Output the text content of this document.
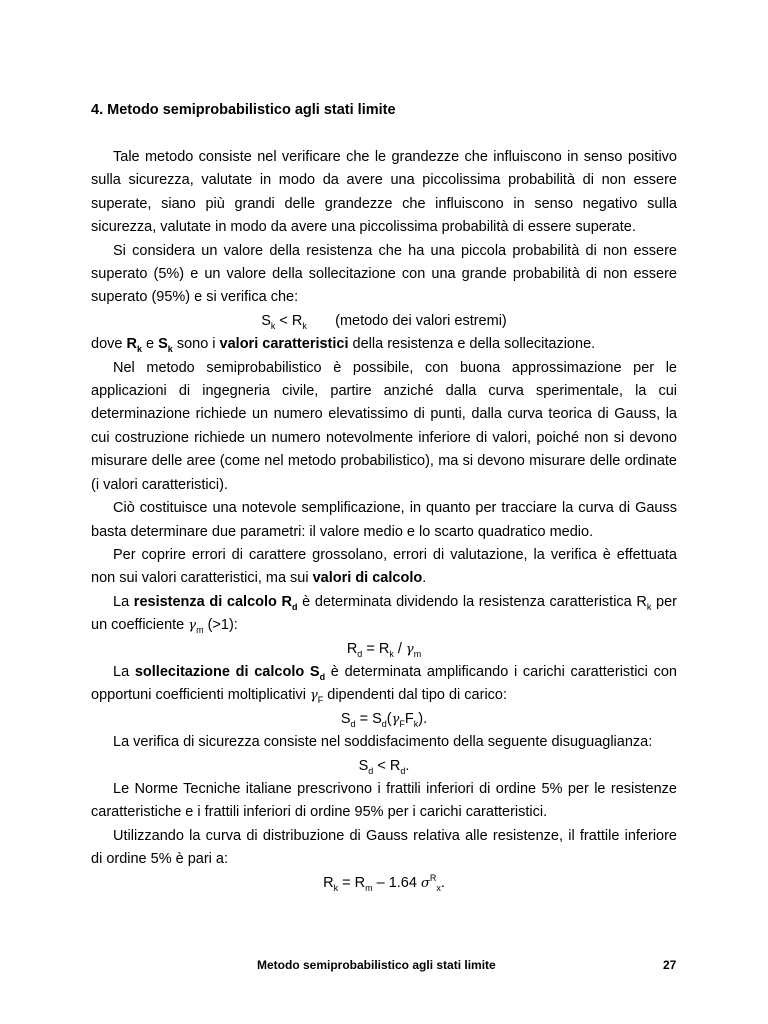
4. Metodo semiprobabilistico agli stati limite

Tale metodo consiste nel verificare che le grandezze che influiscono in senso positivo sulla sicurezza, valutate in modo da avere una piccolissima probabilità di non essere superate, siano più grandi delle grandezze che influiscono in senso negativo sulla sicurezza, valutate in modo da avere una piccolissima probabilità di essere superate.

Si considera un valore della resistenza che ha una piccola probabilità di non essere superato (5%) e un valore della sollecitazione con una grande probabilità di non essere superato (95%) e si verifica che:

$S_k < R_k$ (metodo dei valori estremi)

dove $R_k$ e $S_k$ sono i valori caratteristici della resistenza e della sollecitazione.

Nel metodo semiprobabilistico è possibile, con buona approssimazione per le applicazioni di ingegneria civile, partire anziché dalla curva sperimentale, la cui determinazione richiede un numero elevatissimo di punti, dalla curva teorica di Gauss, la cui costruzione richiede un numero notevolmente inferiore di valori, poiché non si devono misurare delle aree (come nel metodo probabilistico), ma si devono misurare delle ordinate (i valori caratteristici).

Ciò costituisce una notevole semplificazione, in quanto per tracciare la curva di Gauss basta determinare due parametri: il valore medio e lo scarto quadratico medio.

Per coprire errori di carattere grossolano, errori di valutazione, la verifica è effettuata non sui valori caratteristici, ma sui valori di calcolo.

La resistenza di calcolo $R_d$ è determinata dividendo la resistenza caratteristica $R_k$ per un coefficiente $\gamma_m$ (>1):

$R_d = R_k / \gamma_m$

La sollecitazione di calcolo $S_d$ è determinata amplificando i carichi caratteristici con opportuni coefficienti moltiplicativi $\gamma_F$ dipendenti dal tipo di carico:

$S_d = S_d(\gamma_FF_k)$.

La verifica di sicurezza consiste nel soddisfacimento della seguente disuguaglianza:

$S_d < R_d$.

Le Norme Tecniche italiane prescrivono i frattili inferiori di ordine 5% per le resistenze caratteristiche e i frattili inferiori di ordine 95% per i carichi caratteristici.

Utilizzando la curva di distribuzione di Gauss relativa alle resistenze, il frattile inferiore di ordine 5% è pari a:

$R_k = R_m - 1.64$ $\sigma^R_x$.

Metodo semiprobabilistico agli stati limite	27
